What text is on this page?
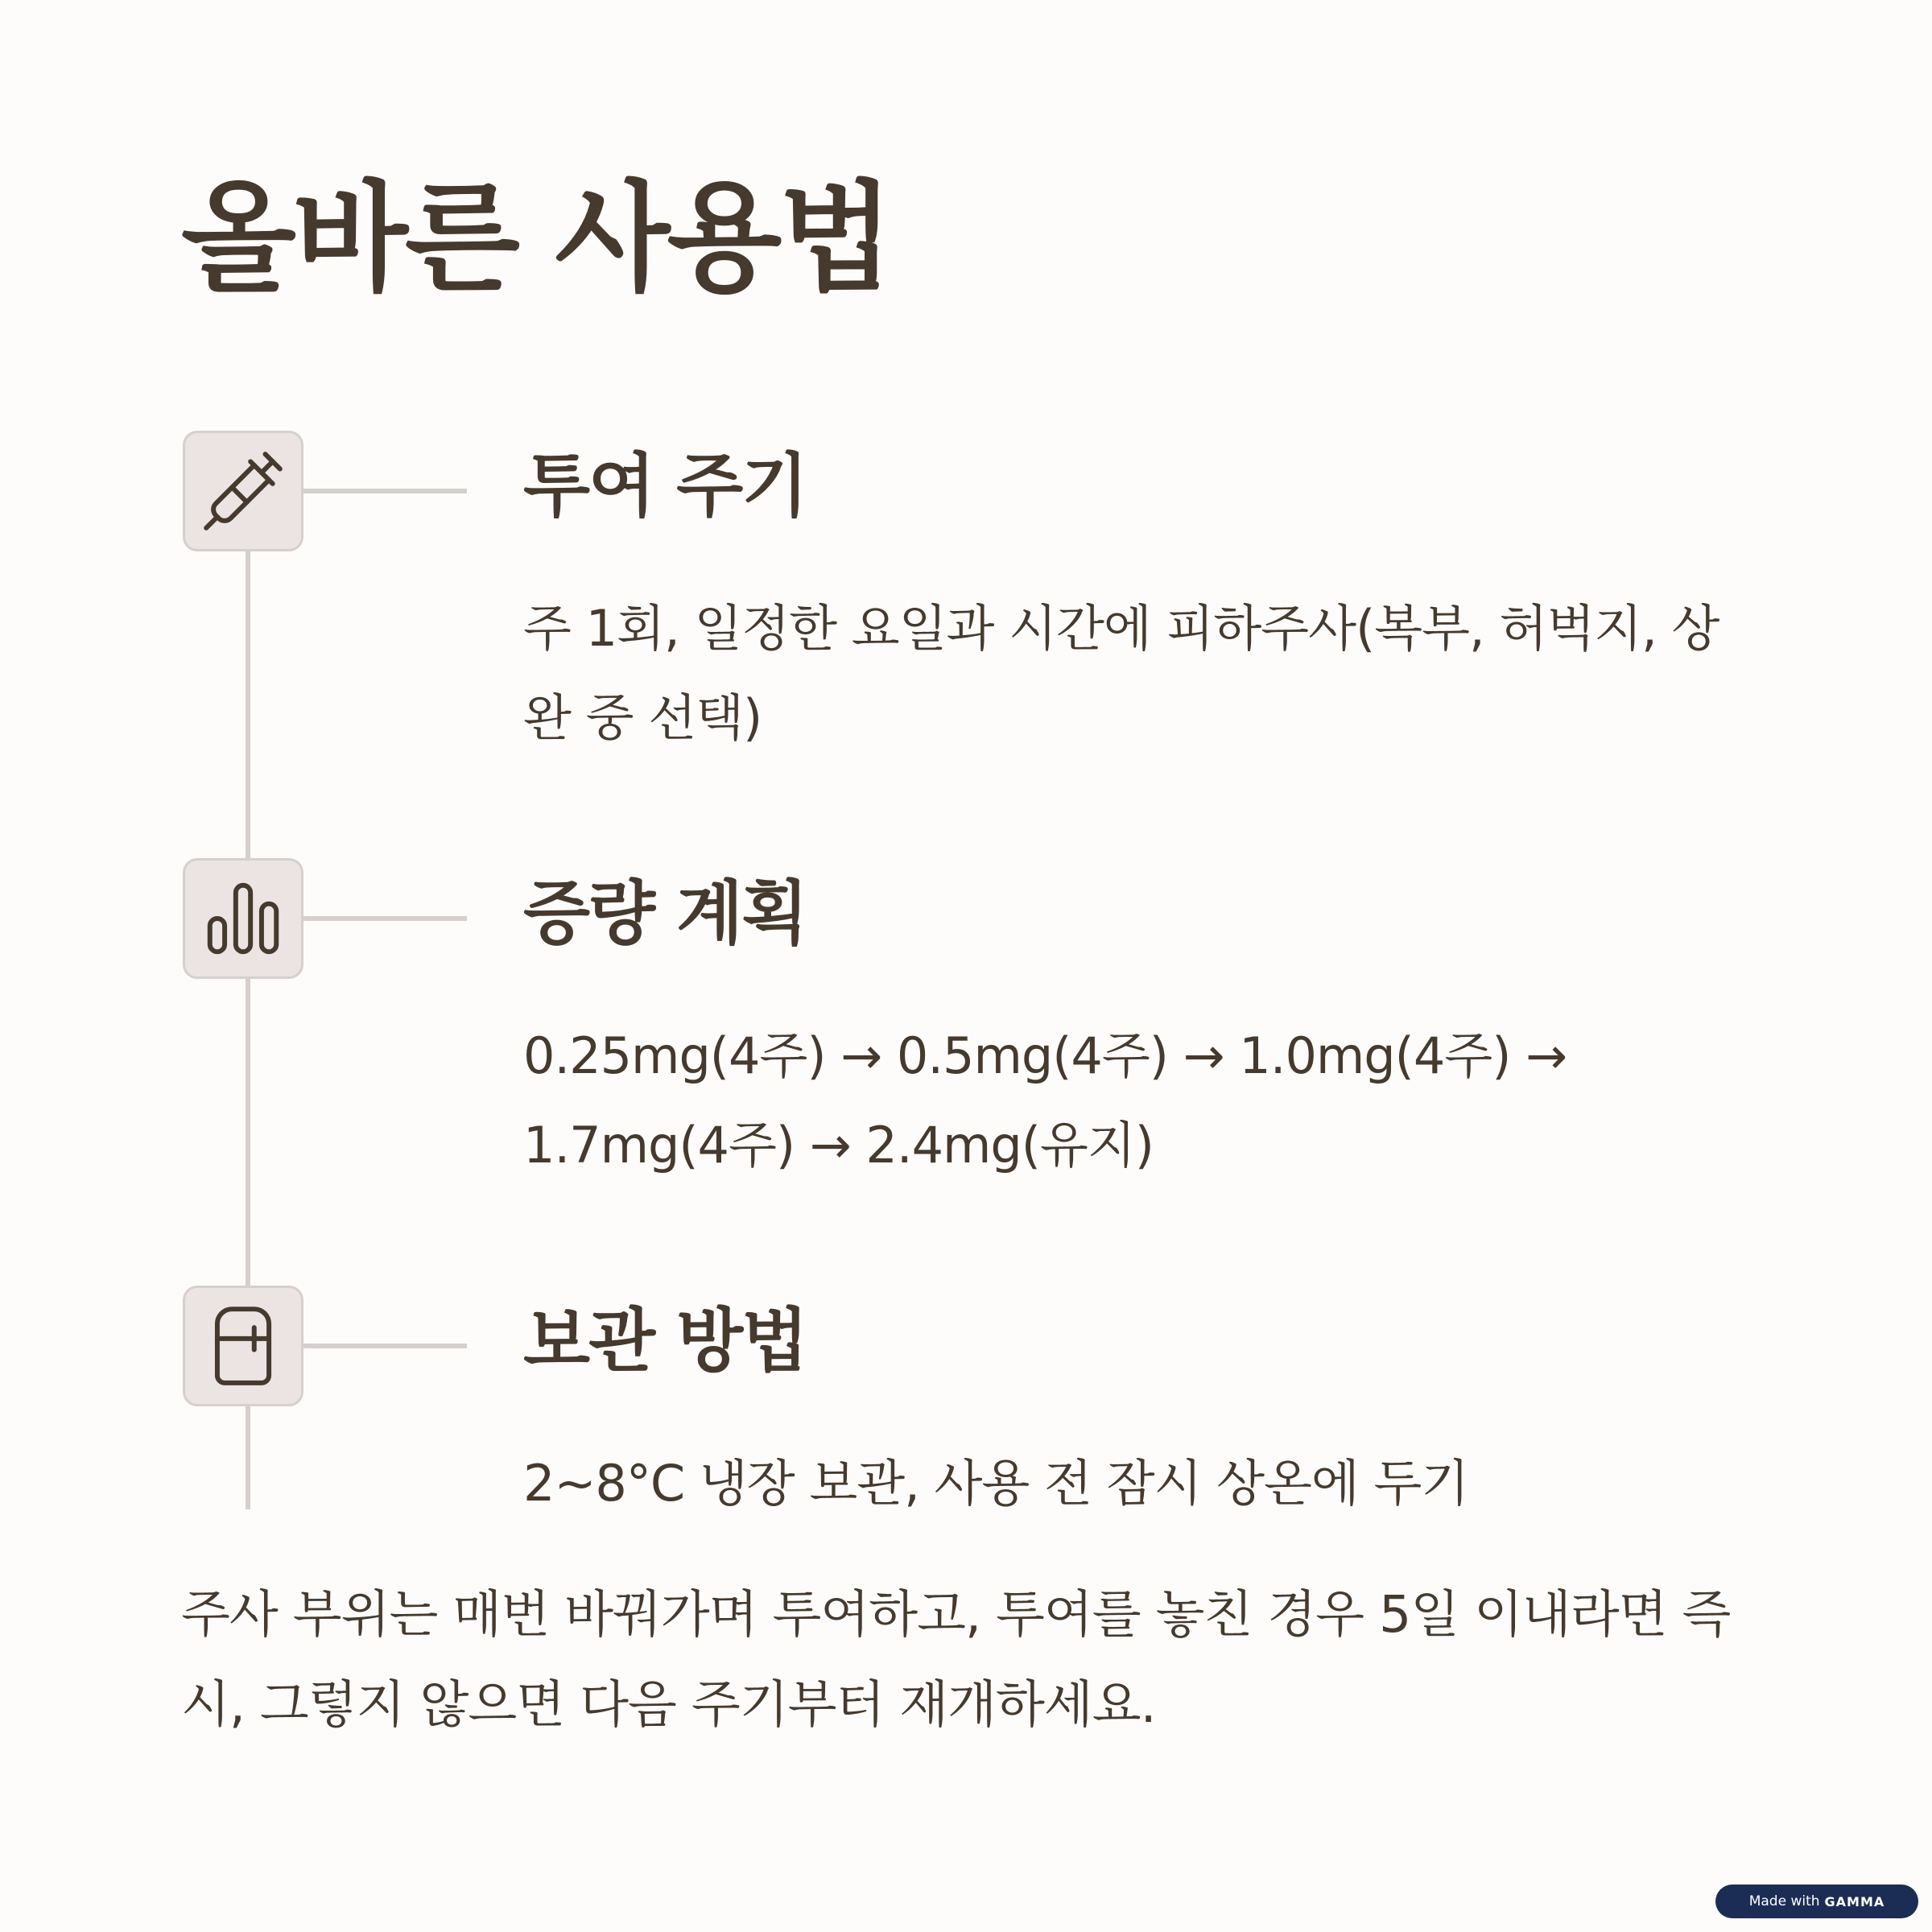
올바른 사용법
투여 주기
주 1회, 일정한 요일과 시간에 피하주사(복부, 허벅지, 상완 중 선택)
증량 계획
0.25mg(4주) → 0.5mg(4주) → 1.0mg(4주) → 1.7mg(4주) → 2.4mg(유지)
보관 방법
2~8°C 냉장 보관, 사용 전 잠시 상온에 두기

주사 부위는 매번 바꿔가며 투여하고, 투여를 놓친 경우 5일 이내라면 즉시, 그렇지 않으면 다음 주기부터 재개하세요.

Made with GAMMA
